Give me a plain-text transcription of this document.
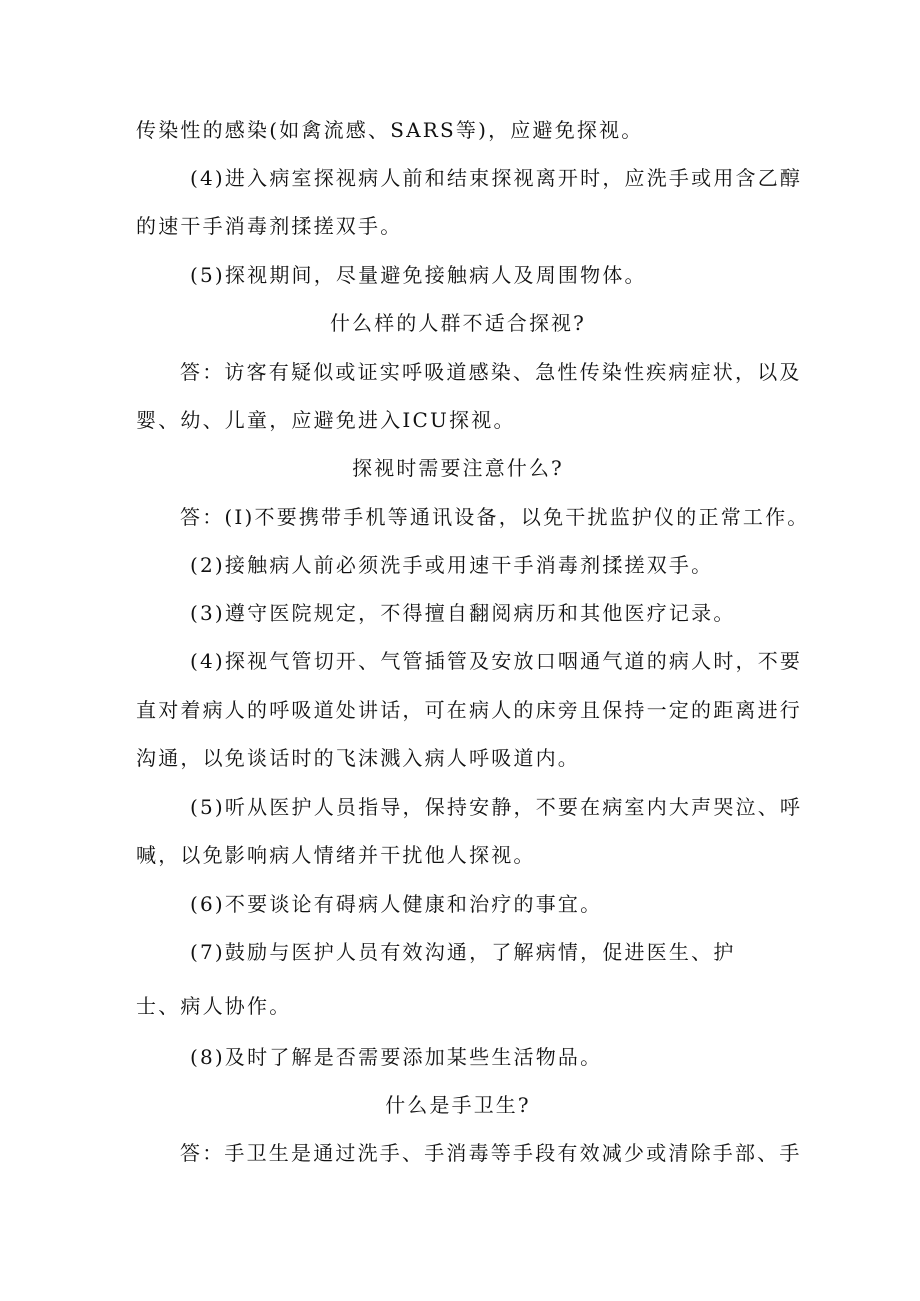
传染性的感染(如禽流感、SARS等)，应避免探视。
(4)进入病室探视病人前和结束探视离开时，应洗手或用含乙醇
的速干手消毒剂揉搓双手。
(5)探视期间，尽量避免接触病人及周围物体。
什么样的人群不适合探视?
答：访客有疑似或证实呼吸道感染、急性传染性疾病症状，以及
婴、幼、儿童，应避免进入ICU探视。
探视时需要注意什么?
答：(I)不要携带手机等通讯设备，以免干扰监护仪的正常工作。
(2)接触病人前必须洗手或用速干手消毒剂揉搓双手。
(3)遵守医院规定，不得擅自翻阅病历和其他医疗记录。
(4)探视气管切开、气管插管及安放口咽通气道的病人时，不要
直对着病人的呼吸道处讲话，可在病人的床旁且保持一定的距离进行
沟通，以免谈话时的飞沫溅入病人呼吸道内。
(5)听从医护人员指导，保持安静，不要在病室内大声哭泣、呼
喊，以免影响病人情绪并干扰他人探视。
(6)不要谈论有碍病人健康和治疗的事宜。
(7)鼓励与医护人员有效沟通，了解病情，促进医生、护
士、病人协作。
(8)及时了解是否需要添加某些生活物品。
什么是手卫生?
答：手卫生是通过洗手、手消毒等手段有效减少或清除手部、手
